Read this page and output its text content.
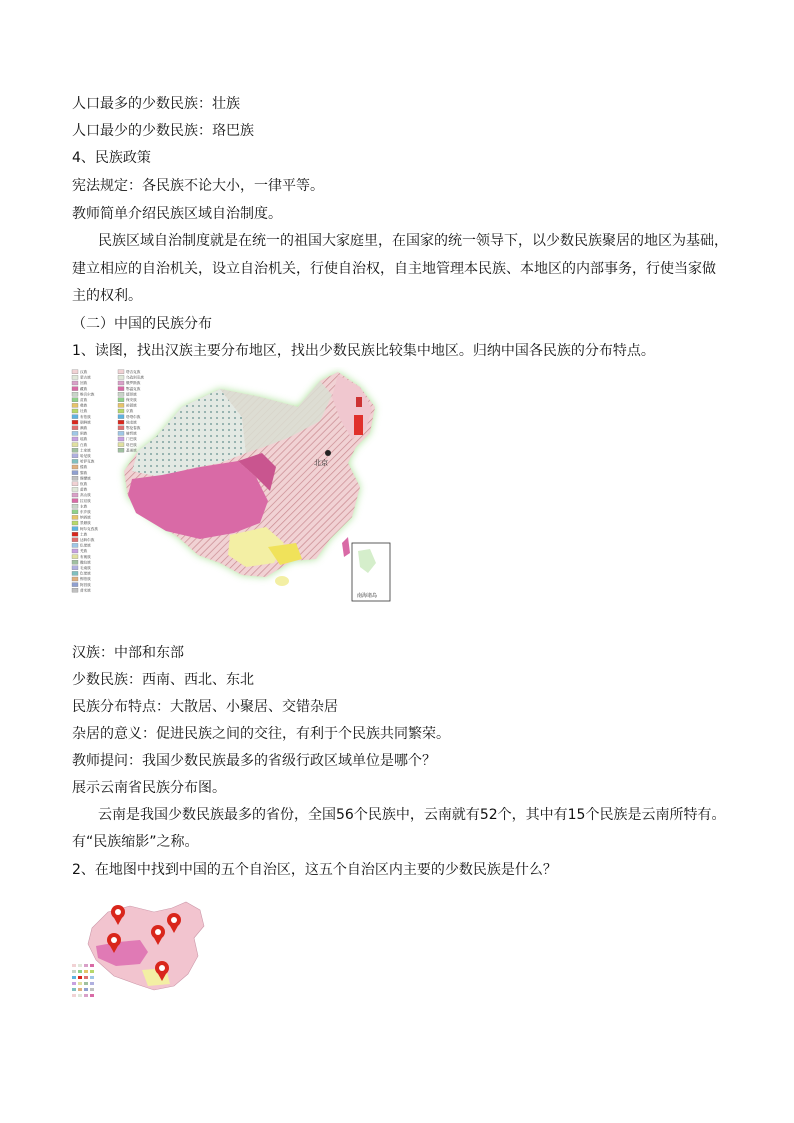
人口最多的少数民族：壮族
人口最少的少数民族：珞巴族
4、民族政策
宪法规定：各民族不论大小，一律平等。
教师简单介绍民族区域自治制度。
民族区域自治制度就是在统一的祖国大家庭里，在国家的统一领导下，以少数民族聚居的地区为基础，
建立相应的自治机关，设立自治机关，行使自治权，自主地管理本民族、本地区的内部事务，行使当家做
主的权利。
（二）中国的民族分布
1、读图，找出汉族主要分布地区，找出少数民族比较集中地区。归纳中国各民族的分布特点。
汉族
蒙古族
回族
藏族
维吾尔族
苗族
彝族
壮族
布依族
朝鲜族
满族
侗族
瑶族
白族
土家族
哈尼族
哈萨克族
傣族
黎族
傈僳族
佤族
畲族
高山族
拉祜族
水族
东乡族
纳西族
景颇族
柯尔克孜族
土族
达斡尔族
仫佬族
羌族
布朗族
撒拉族
毛南族
仡佬族
锡伯族
阿昌族
普米族
塔吉克族
乌孜别克族
俄罗斯族
鄂温克族
德昂族
保安族
裕固族
京族
塔塔尔族
独龙族
鄂伦春族
赫哲族
门巴族
珞巴族
基诺族
北京
南海诸岛
汉族：中部和东部
少数民族：西南、西北、东北
民族分布特点：大散居、小聚居、交错杂居
杂居的意义：促进民族之间的交往，有利于个民族共同繁荣。
教师提问：我国少数民族最多的省级行政区域单位是哪个？
展示云南省民族分布图。
云南是我国少数民族最多的省份，全国56个民族中，云南就有52个，其中有15个民族是云南所特有。
有“民族缩影”之称。
2、在地图中找到中国的五个自治区，这五个自治区内主要的少数民族是什么？
